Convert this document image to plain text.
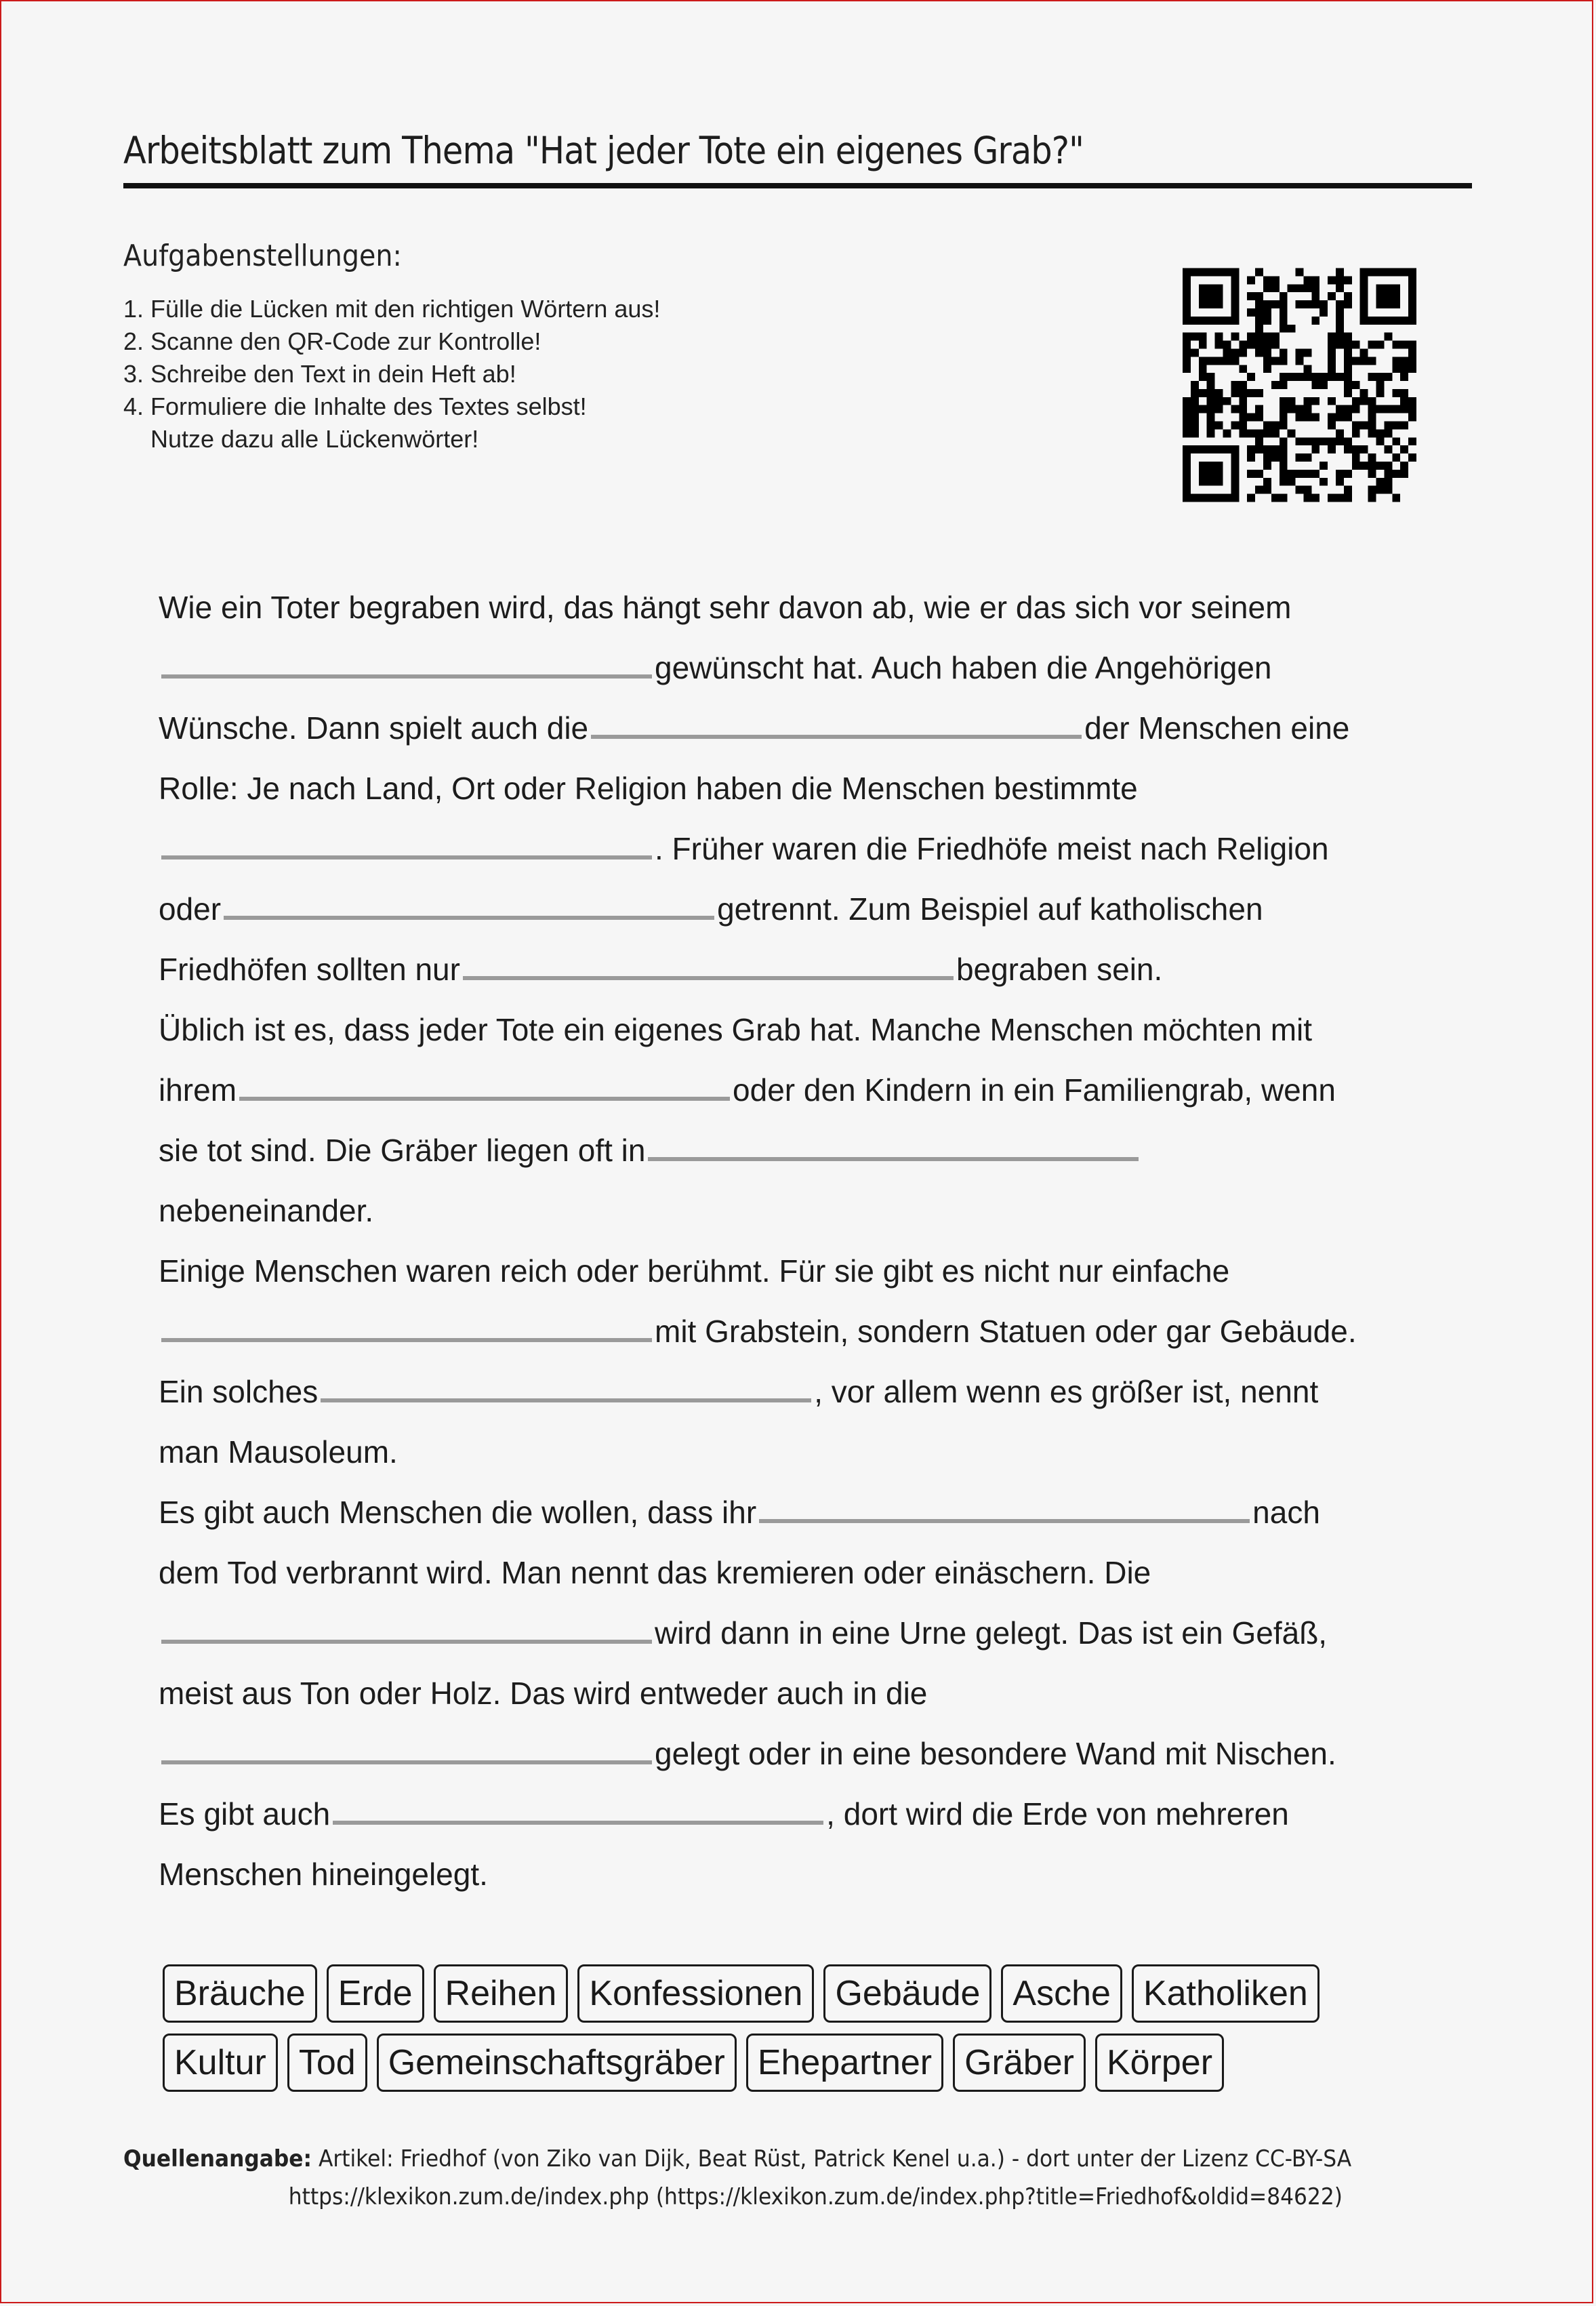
Arbeitsblatt zum Thema "Hat jeder Tote ein eigenes Grab?"
Aufgabenstellungen:
1. Fülle die Lücken mit den richtigen Wörtern aus!
2. Scanne den QR-Code zur Kontrolle!
3. Schreibe den Text in dein Heft ab!
4. Formuliere die Inhalte des Textes selbst!
Nutze dazu alle Lückenwörter!
Wie ein Toter begraben wird, das hängt sehr davon ab, wie er das sich vor seinem
gewünscht hat. Auch haben die Angehörigen
Wünsche. Dann spielt auch die	der Menschen eine
Rolle: Je nach Land, Ort oder Religion haben die Menschen bestimmte
. Früher waren die Friedhöfe meist nach Religion
oder	getrennt. Zum Beispiel auf katholischen
Friedhöfen sollten nur	begraben sein.
Üblich ist es, dass jeder Tote ein eigenes Grab hat. Manche Menschen möchten mit
ihrem	oder den Kindern in ein Familiengrab, wenn
sie tot sind. Die Gräber liegen oft in
nebeneinander.
Einige Menschen waren reich oder berühmt. Für sie gibt es nicht nur einfache
mit Grabstein, sondern Statuen oder gar Gebäude.
Ein solches	, vor allem wenn es größer ist, nennt
man Mausoleum.
Es gibt auch Menschen die wollen, dass ihr	nach
dem Tod verbrannt wird. Man nennt das kremieren oder einäschern. Die
wird dann in eine Urne gelegt. Das ist ein Gefäß,
meist aus Ton oder Holz. Das wird entweder auch in die
gelegt oder in eine besondere Wand mit Nischen.
Es gibt auch	, dort wird die Erde von mehreren
Menschen hineingelegt.
Bräuche Erde Reihen Konfessionen Gebäude Asche Katholiken
Kultur Tod Gemeinschaftsgräber Ehepartner Gräber Körper
Quellenangabe: Artikel: Friedhof (von Ziko van Dijk, Beat Rüst, Patrick Kenel u.a.) - dort unter der Lizenz CC-BY-SA
https://klexikon.zum.de/index.php (https://klexikon.zum.de/index.php?title=Friedhof&oldid=84622)
